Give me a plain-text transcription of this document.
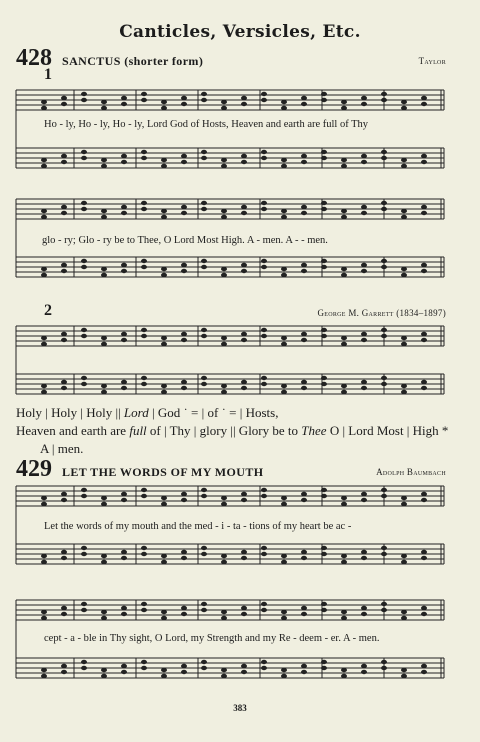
Canticles, Versicles, Etc.
428 SANCTUS (shorter form)	Taylor
1
Ho - ly, Ho - ly, Ho - ly, Lord God of Hosts, Heaven and earth are full of Thy
glo - ry; Glo - ry be to Thee, O Lord Most High. A - men. A - - men.
2	George M. Garrett (1834–1897)
Holy | Holy | Holy || Lord | God ˙ = | of ˙ = | Hosts,
Heaven and earth are full of | Thy | glory || Glory be to Thee O | Lord Most | High *
A | men.
429 LET THE WORDS OF MY MOUTH	Adolph Baumbach
Let the words of my mouth and the med - i - ta - tions of my heart be ac -
cept - a - ble in Thy sight, O Lord, my Strength and my Re - deem - er. A - men.
383
